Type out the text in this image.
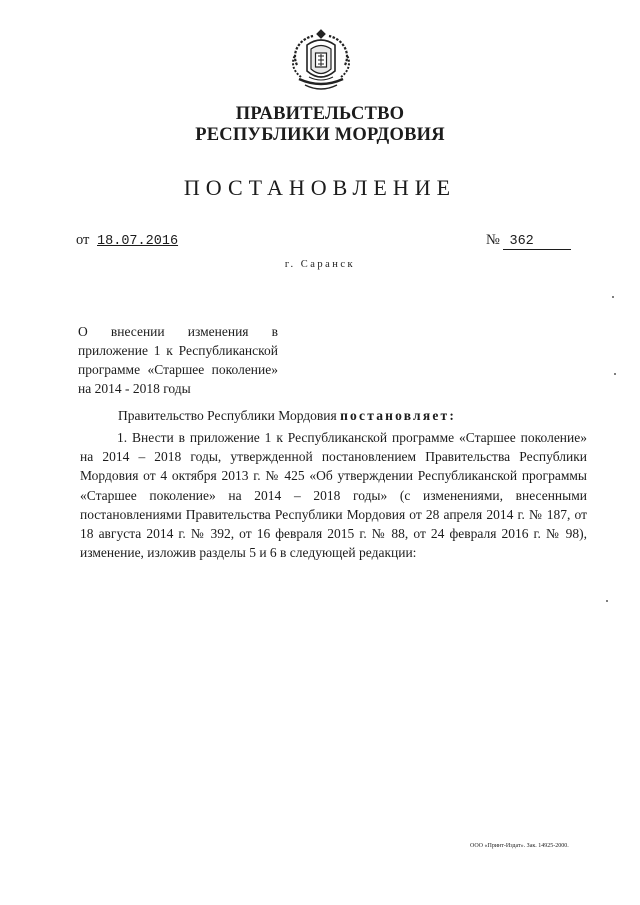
ПРАВИТЕЛЬСТВО
РЕСПУБЛИКИ МОРДОВИЯ
ПОСТАНОВЛЕНИЕ
от 18.07.2016	№ 362
г. Саранск
О внесении изменения в приложение 1 к Республиканской программе «Старшее поколение» на 2014 - 2018 годы
Правительство Республики Мордовия постановляет:
1. Внести в приложение 1 к Республиканской программе «Старшее поколение» на 2014 – 2018 годы, утвержденной постановлением Правительства Республики Мордовия от 4 октября 2013 г. № 425 «Об утверждении Республиканской программы «Старшее поколение» на 2014 – 2018 годы» (с изменениями, внесенными постановлениями Правительства Республики Мордовия от 28 апреля 2014 г. № 187, от 18 августа 2014 г. № 392, от 16 февраля 2015 г. № 88, от 24 февраля 2016 г. № 98), изменение, изложив разделы 5 и 6 в следующей редакции:
ООО «Принт-Издат». Зак. 14925-2000.
